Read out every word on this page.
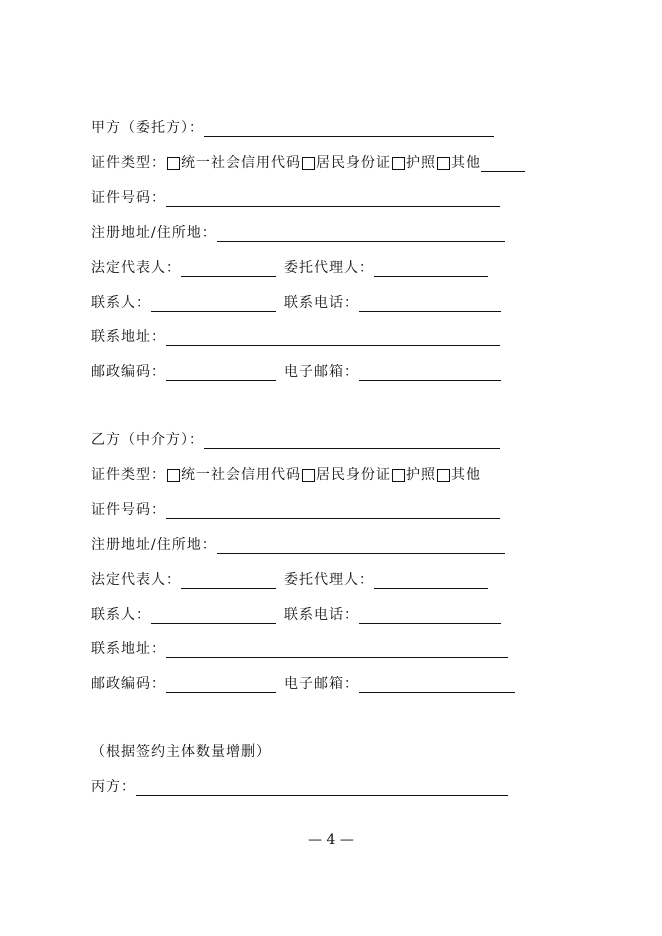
甲方（委托方）：
证件类型： 统一社会信用代码 居民身份证 护照 其他
证件号码：
注册地址/住所地：
法定代表人：	委托代理人：
联系人：	联系电话：
联系地址：
邮政编码：	电子邮箱：
乙方（中介方）：
证件类型： 统一社会信用代码 居民身份证 护照 其他
证件号码：
注册地址/住所地：
法定代表人：	委托代理人：
联系人：	联系电话：
联系地址：
邮政编码：	电子邮箱：
（根据签约主体数量增删）
丙方：
— 4 —
